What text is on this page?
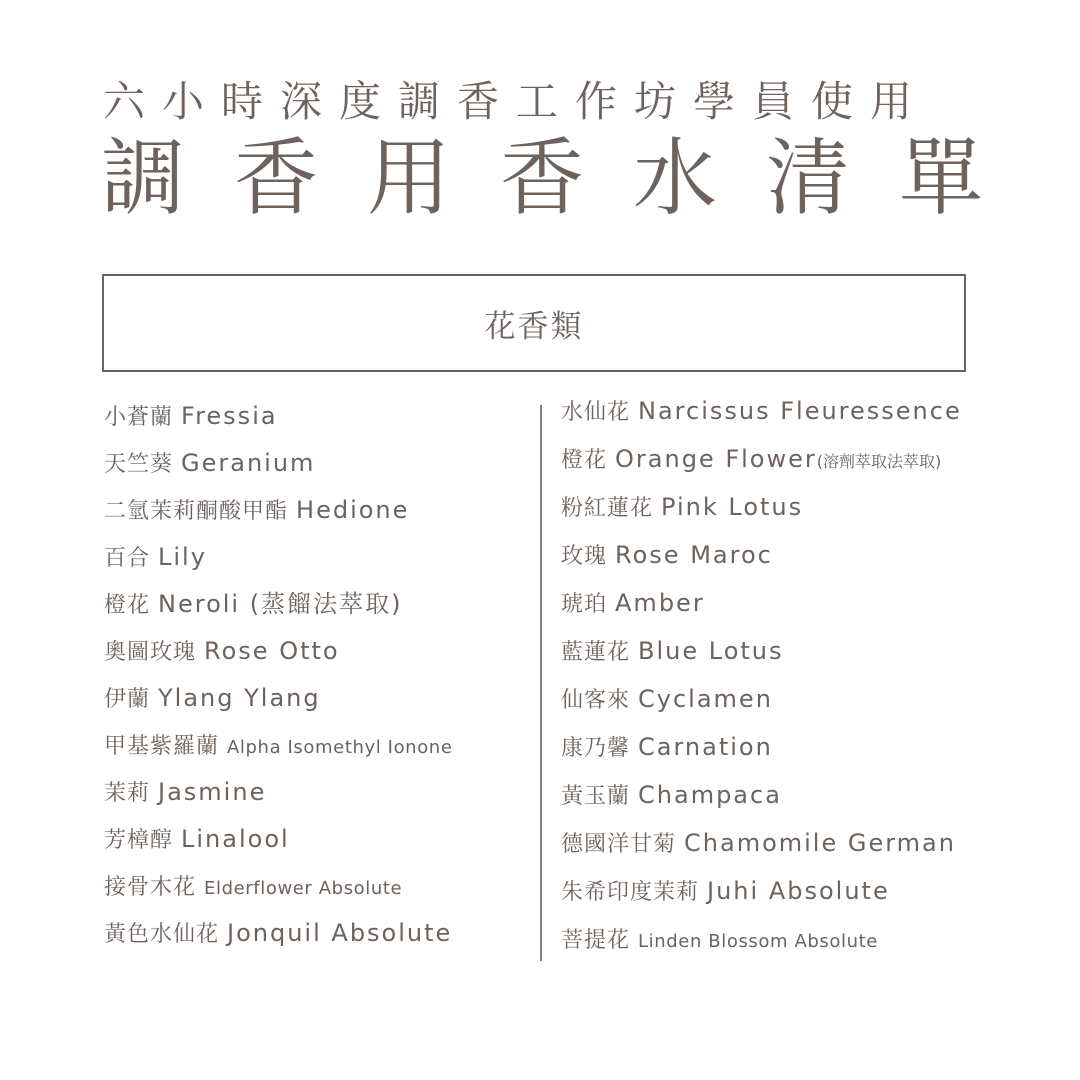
六小時深度調香工作坊學員使用
調香用香水清單
花香類
小蒼蘭 Fressia
天竺葵 Geranium
二氫茉莉酮酸甲酯 Hedione
百合 Lily
橙花 Neroli (蒸餾法萃取)
奧圖玫瑰 Rose Otto
伊蘭 Ylang Ylang
甲基紫羅蘭 Alpha Isomethyl Ionone
茉莉 Jasmine
芳樟醇 Linalool
接骨木花 Elderflower Absolute
黃色水仙花 Jonquil Absolute
水仙花 Narcissus Fleuressence
橙花 Orange Flower(溶劑萃取法萃取)
粉紅蓮花 Pink Lotus
玫瑰 Rose Maroc
琥珀 Amber
藍蓮花 Blue Lotus
仙客來 Cyclamen
康乃馨 Carnation
黃玉蘭 Champaca
德國洋甘菊 Chamomile German
朱希印度茉莉 Juhi Absolute
菩提花 Linden Blossom Absolute
